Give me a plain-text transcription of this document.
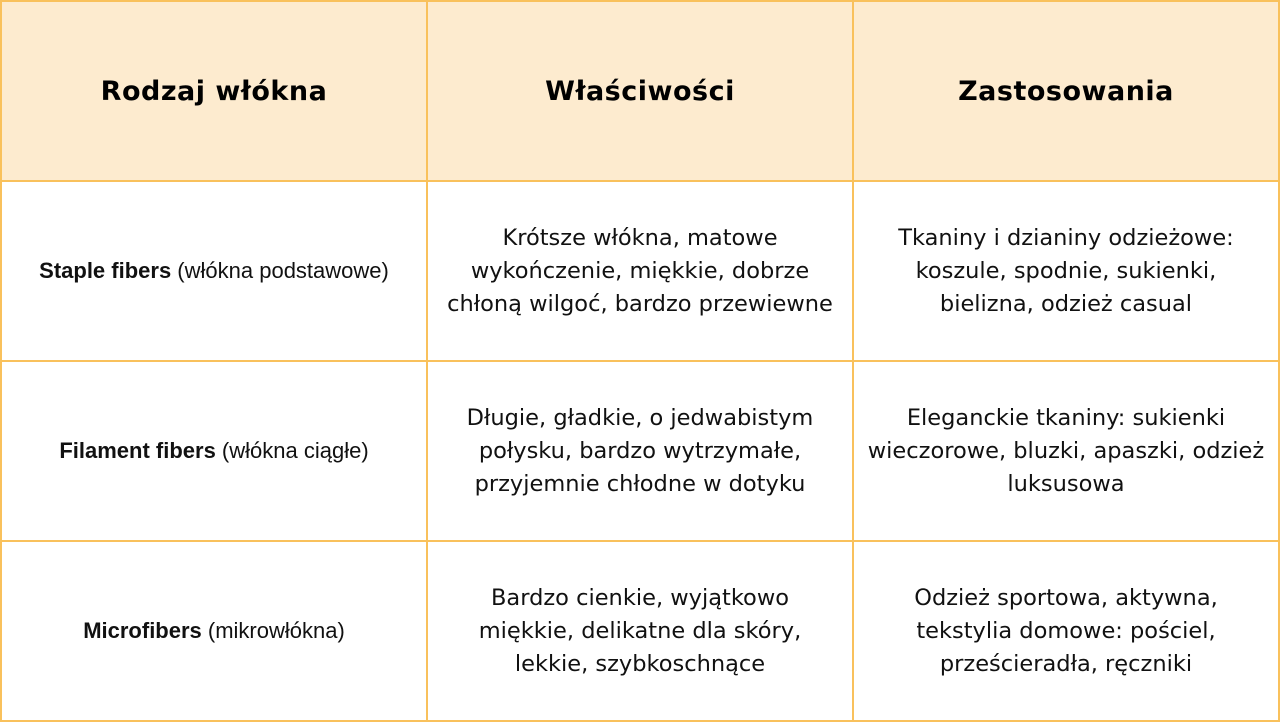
Rodzaj włókna	Właściwości	Zastosowania
Staple fibers (włókna podstawowe)	Krótsze włókna, matowe wykończenie, miękkie, dobrze chłoną wilgoć, bardzo przewiewne	Tkaniny i dzianiny odzieżowe: koszule, spodnie, sukienki, bielizna, odzież casual
Filament fibers (włókna ciągłe)	Długie, gładkie, o jedwabistym połysku, bardzo wytrzymałe, przyjemnie chłodne w dotyku	Eleganckie tkaniny: sukienki wieczorowe, bluzki, apaszki, odzież luksusowa
Microfibers (mikrowłókna)	Bardzo cienkie, wyjątkowo miękkie, delikatne dla skóry, lekkie, szybkoschnące	Odzież sportowa, aktywna, tekstylia domowe: pościel, prześcieradła, ręczniki
